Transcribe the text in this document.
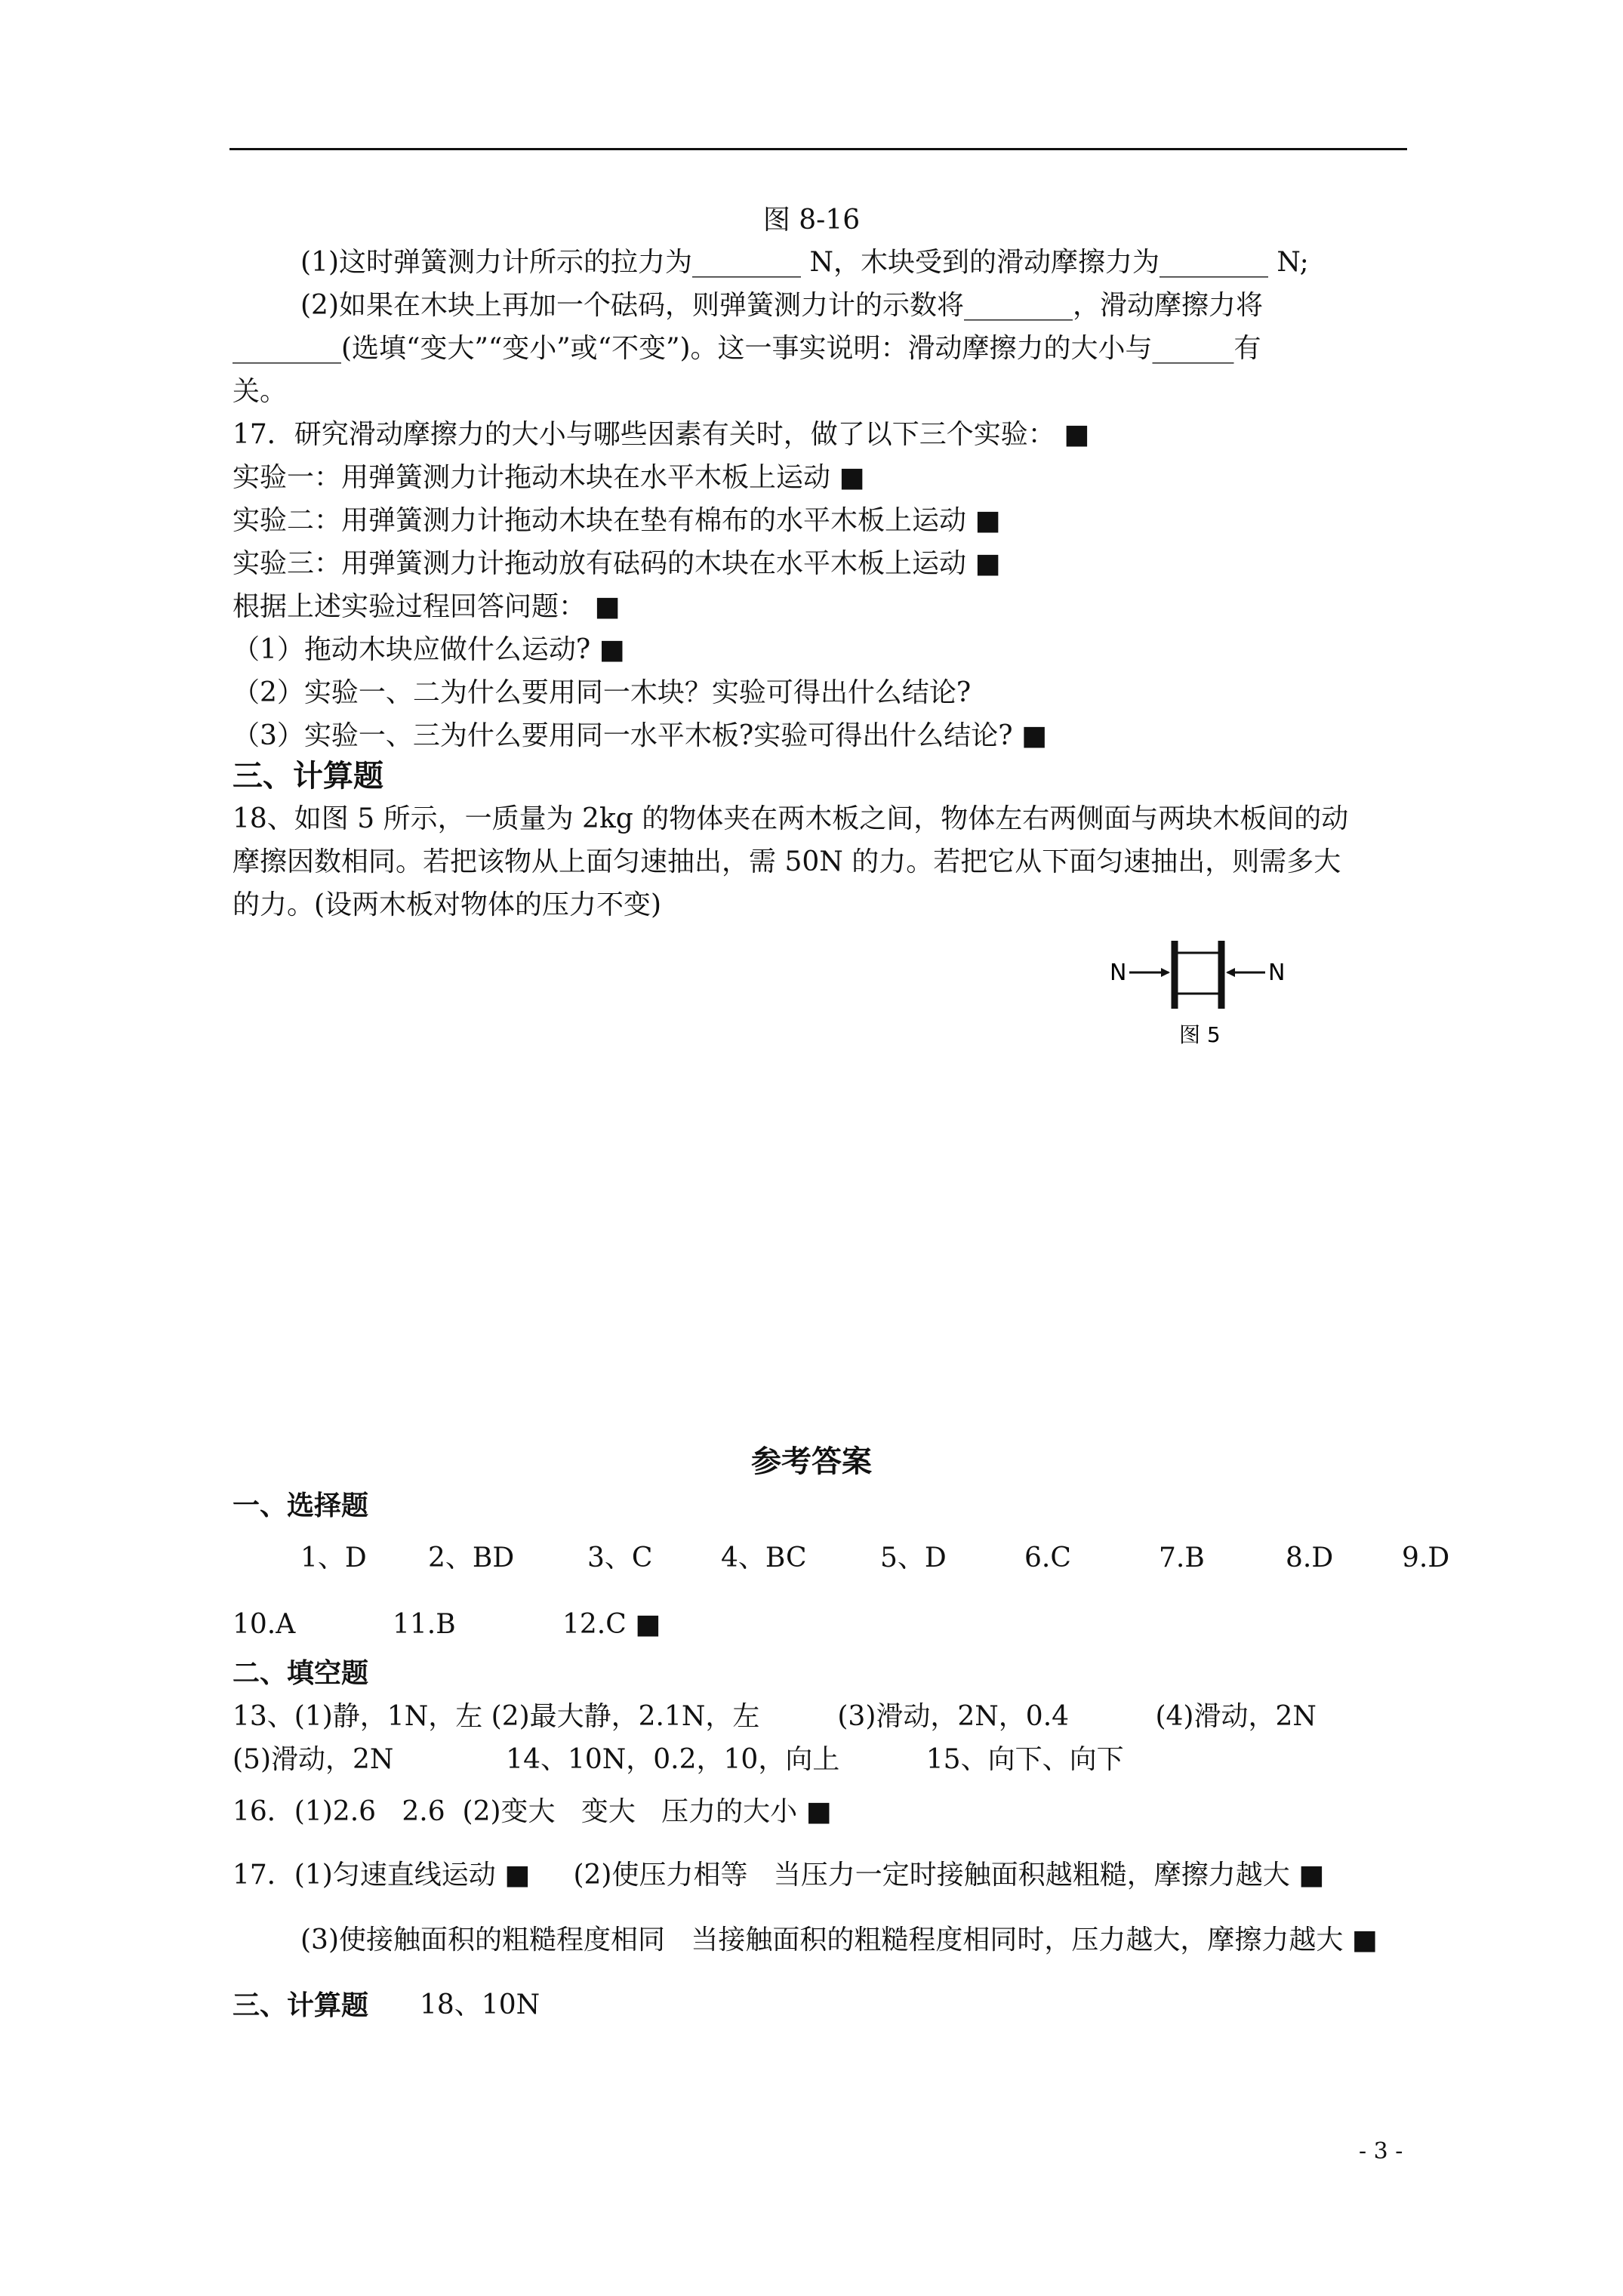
图 8-16
(1)这时弹簧测力计所示的拉力为________ N，木块受到的滑动摩擦力为________ N;
(2)如果在木块上再加一个砝码，则弹簧测力计的示数将________，滑动摩擦力将
________(选填“变大”“变小”或“不变”)。这一事实说明：滑动摩擦力的大小与______有
关。
17．研究滑动摩擦力的大小与哪些因素有关时，做了以下三个实验： ■
实验一：用弹簧测力计拖动木块在水平木板上运动 ■
实验二：用弹簧测力计拖动木块在垫有棉布的水平木板上运动 ■
实验三：用弹簧测力计拖动放有砝码的木块在水平木板上运动 ■
根据上述实验过程回答问题： ■
（1）拖动木块应做什么运动? ■
（2）实验一、二为什么要用同一木块？实验可得出什么结论?
（3）实验一、三为什么要用同一水平木板?实验可得出什么结论? ■
三、计算题
18、如图 5 所示，一质量为 2kg 的物体夹在两木板之间，物体左右两侧面与两块木板间的动
摩擦因数相同。若把该物从上面匀速抽出，需 50N 的力。若把它从下面匀速抽出，则需多大
的力。(设两木板对物体的压力不变)
N	N
图 5
参考答案
一、选择题
1、D 2、BD	3、C	4、BC	5、D	6.C	7.B	8.D	9.D
10.A	11.B	12.C ■
二、填空题
13、(1)静，1N，左 (2)最大静，2.1N，左         (3)滑动，2N，0.4          (4)滑动，2N
(5)滑动，2N             14、10N，0.2，10，向上          15、向下、向下
16．(1)2.6   2.6  (2)变大   变大   压力的大小 ■
17．(1)匀速直线运动 ■     (2)使压力相等   当压力一定时接触面积越粗糙，摩擦力越大 ■
(3)使接触面积的粗糙程度相同   当接触面积的粗糙程度相同时，压力越大，摩擦力越大 ■
三、计算题 18、10N
- 3 -
